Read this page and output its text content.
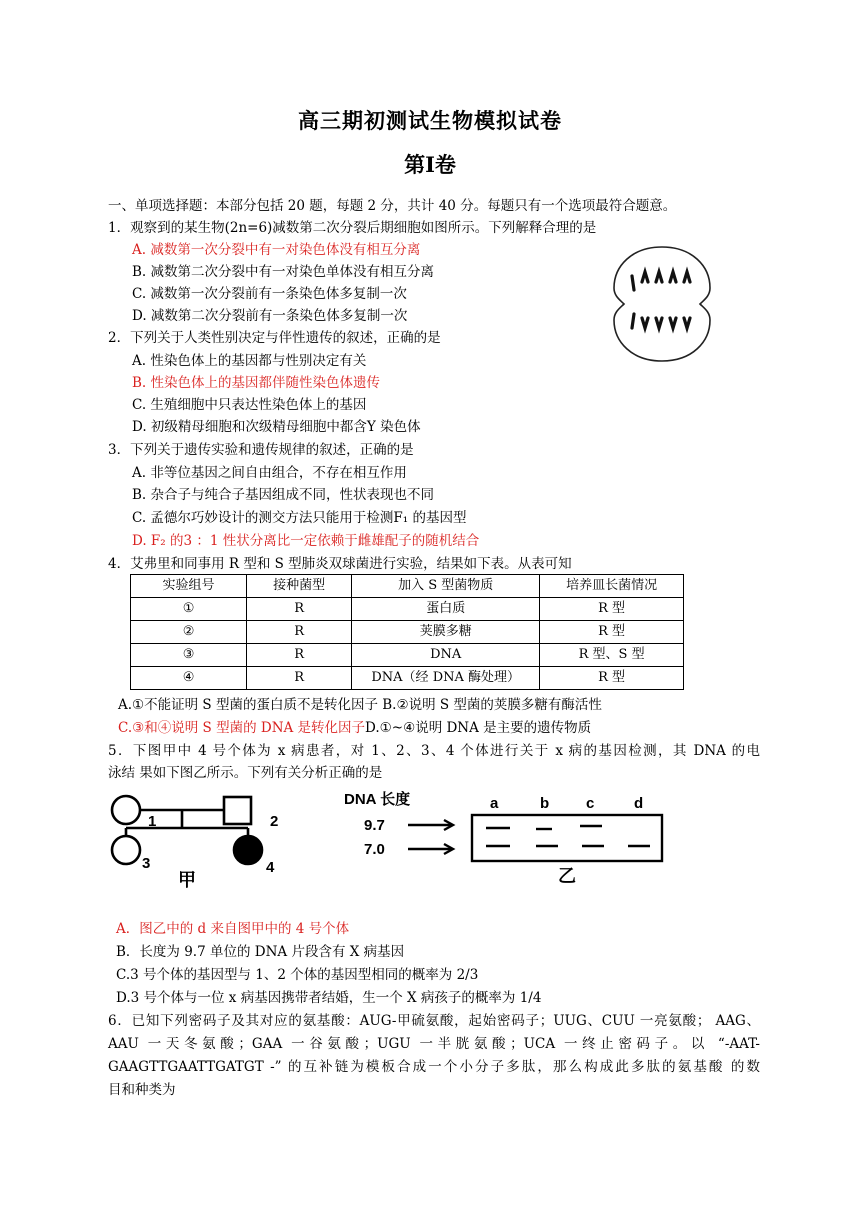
高三期初测试生物模拟试卷
第Ⅰ卷
一、单项选择题：本部分包括 20 题，每题 2 分，共计 40 分。每题只有一个选项最符合题意。
1．观察到的某生物(2n=6)减数第二次分裂后期细胞如图所示。下列解释合理的是
A. 减数第一次分裂中有一对染色体没有相互分离
B. 减数第二次分裂中有一对染色单体没有相互分离
C. 减数第一次分裂前有一条染色体多复制一次
D. 减数第二次分裂前有一条染色体多复制一次
2．下列关于人类性别决定与伴性遗传的叙述，正确的是
A. 性染色体上的基因都与性别决定有关
B. 性染色体上的基因都伴随性染色体遗传
C. 生殖细胞中只表达性染色体上的基因
D. 初级精母细胞和次级精母细胞中都含Y 染色体
3．下列关于遗传实验和遗传规律的叙述，正确的是
A. 非等位基因之间自由组合，不存在相互作用
B. 杂合子与纯合子基因组成不同，性状表现也不同
C. 孟德尔巧妙设计的测交方法只能用于检测F₁ 的基因型
D. F₂ 的3 ：1 性状分离比一定依赖于雌雄配子的随机结合
4．艾弗里和同事用 R 型和 S 型肺炎双球菌进行实验，结果如下表。从表可知
实验组号	接种菌型	加入 S 型菌物质	培养皿长菌情况
①	R	蛋白质	R 型
②	R	荚膜多糖	R 型
③	R	DNA	R 型、S 型
④	R	DNA（经 DNA 酶处理）	R 型
A.①不能证明 S 型菌的蛋白质不是转化因子 B.②说明 S 型菌的荚膜多糖有酶活性
C.③和④说明 S 型菌的 DNA 是转化因子D.①~④说明 DNA 是主要的遗传物质
5．下图甲中 4 号个体为 x 病患者，对 1、2、3、4 个体进行关于 x 病的基因检测，其 DNA 的电
泳结 果如下图乙所示。下列有关分析正确的是
1	2
3	4
甲
DNA 长度	a	b c	d
9.7
7.0
乙
A．图乙中的 d 来自图甲中的 4 号个体
B．长度为 9.7 单位的 DNA 片段含有 X 病基因
C.3 号个体的基因型与 1、2 个体的基因型相同的概率为 2/3
D.3 号个体与一位 x 病基因携带者结婚，生一个 X 病孩子的概率为 1/4
6．已知下列密码子及其对应的氨基酸：AUG-甲硫氨酸，起始密码子；UUG、CUU 一亮氨酸； AAG、
AAU 一天冬氨酸；GAA 一谷氨酸；UGU 一半胱氨酸；UCA 一终止密码子。以 “-AAT-
GAAGTTGAATTGATGT -” 的互补链为模板合成一个小分子多肽，那么构成此多肽的氨基酸 的数
目和种类为
